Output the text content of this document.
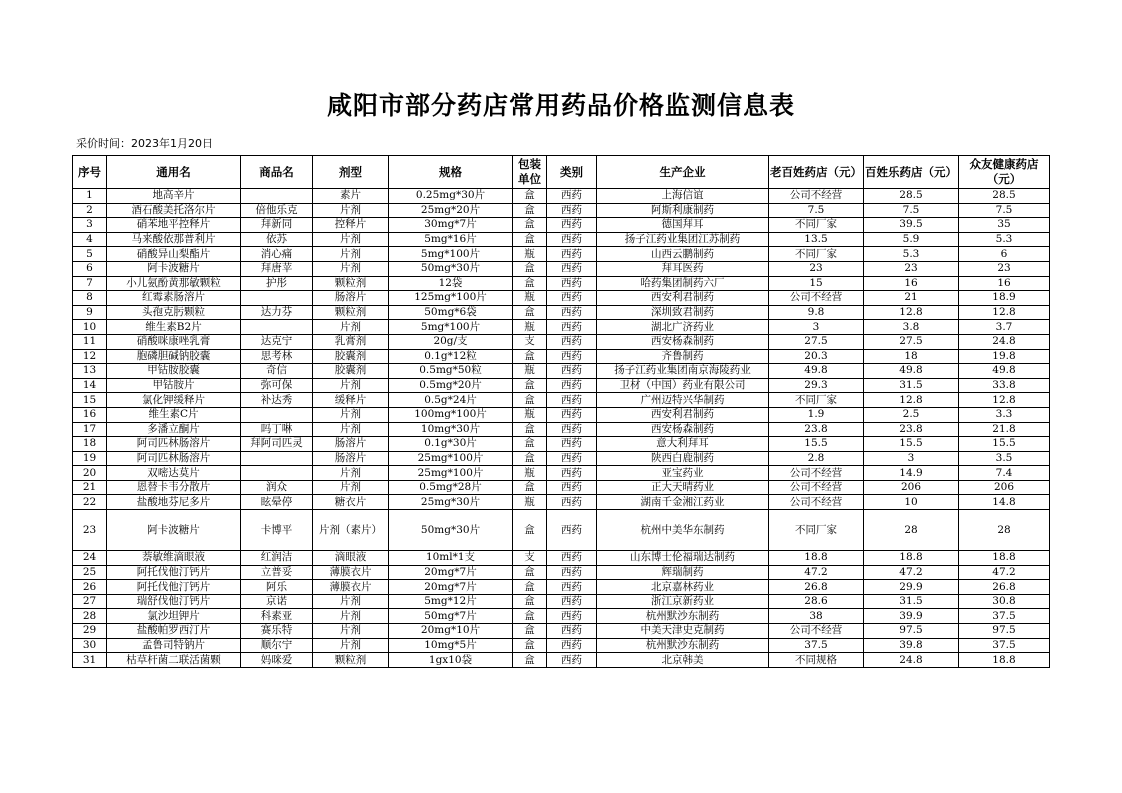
咸阳市部分药店常用药品价格监测信息表
采价时间：2023年1月20日
序号	通用名	商品名	剂型	规格	包装单位	类别	生产企业	老百姓药店（元）	百姓乐药店（元）	众友健康药店（元）
1	地高辛片		素片	0.25mg*30片	盒	西药	上海信谊	公司不经营	28.5	28.5
2	酒石酸美托洛尔片	倍他乐克	片剂	25mg*20片	盒	西药	阿斯利康制药	7.5	7.5	7.5
3	硝苯地平控释片	拜新同	控释片	30mg*7片	盒	西药	德国拜耳	不同厂家	39.5	35
4	马来酸依那普利片	依苏	片剂	5mg*16片	盒	西药	扬子江药业集团江苏制药	13.5	5.9	5.3
5	硝酸异山梨酯片	消心痛	片剂	5mg*100片	瓶	西药	山西云鹏制药	不同厂家	5.3	6
6	阿卡波糖片	拜唐苹	片剂	50mg*30片	盒	西药	拜耳医药	23	23	23
7	小儿氨酚黄那敏颗粒	护彤	颗粒剂	12袋	盒	西药	哈药集团制药六厂	15	16	16
8	红霉素肠溶片		肠溶片	125mg*100片	瓶	西药	西安利君制药	公司不经营	21	18.9
9	头孢克肟颗粒	达力芬	颗粒剂	50mg*6袋	盒	西药	深圳致君制药	9.8	12.8	12.8
10	维生素B2片		片剂	5mg*100片	瓶	西药	湖北广济药业	3	3.8	3.7
11	硝酸咪康唑乳膏	达克宁	乳膏剂	20g/支	支	西药	西安杨森制药	27.5	27.5	24.8
12	胞磷胆碱钠胶囊	思考林	胶囊剂	0.1g*12粒	盒	西药	齐鲁制药	20.3	18	19.8
13	甲钴胺胶囊	奇信	胶囊剂	0.5mg*50粒	瓶	西药	扬子江药业集团南京海陵药业	49.8	49.8	49.8
14	甲钴胺片	弥可保	片剂	0.5mg*20片	盒	西药	卫材（中国）药业有限公司	29.3	31.5	33.8
15	氯化钾缓释片	补达秀	缓释片	0.5g*24片	盒	西药	广州迈特兴华制药	不同厂家	12.8	12.8
16	维生素C片		片剂	100mg*100片	瓶	西药	西安利君制药	1.9	2.5	3.3
17	多潘立酮片	吗丁啉	片剂	10mg*30片	盒	西药	西安杨森制药	23.8	23.8	21.8
18	阿司匹林肠溶片	拜阿司匹灵	肠溶片	0.1g*30片	盒	西药	意大利拜耳	15.5	15.5	15.5
19	阿司匹林肠溶片		肠溶片	25mg*100片	盒	西药	陕西白鹿制药	2.8	3	3.5
20	双嘧达莫片		片剂	25mg*100片	瓶	西药	亚宝药业	公司不经营	14.9	7.4
21	恩替卡韦分散片	润众	片剂	0.5mg*28片	盒	西药	正大天晴药业	公司不经营	206	206
22	盐酸地芬尼多片	眩晕停	糖衣片	25mg*30片	瓶	西药	湖南千金湘江药业	公司不经营	10	14.8
23	阿卡波糖片	卡博平	片剂（素片）	50mg*30片	盒	西药	杭州中美华东制药	不同厂家	28	28
24	萘敏维滴眼液	红润洁	滴眼液	10ml*1支	支	西药	山东博士伦福瑞达制药	18.8	18.8	18.8
25	阿托伐他汀钙片	立普妥	薄膜衣片	20mg*7片	盒	西药	辉瑞制药	47.2	47.2	47.2
26	阿托伐他汀钙片	阿乐	薄膜衣片	20mg*7片	盒	西药	北京嘉林药业	26.8	29.9	26.8
27	瑞舒伐他汀钙片	京诺	片剂	5mg*12片	盒	西药	浙江京新药业	28.6	31.5	30.8
28	氯沙坦钾片	科素亚	片剂	50mg*7片	盒	西药	杭州默沙东制药	38	39.9	37.5
29	盐酸帕罗西汀片	赛乐特	片剂	20mg*10片	盒	西药	中美天津史克制药	公司不经营	97.5	97.5
30	孟鲁司特钠片	顺尔宁	片剂	10mg*5片	盒	西药	杭州默沙东制药	37.5	39.8	37.5
31	枯草杆菌二联活菌颗	妈咪爱	颗粒剂	1gx10袋	盒	西药	北京韩美	不同规格	24.8	18.8
